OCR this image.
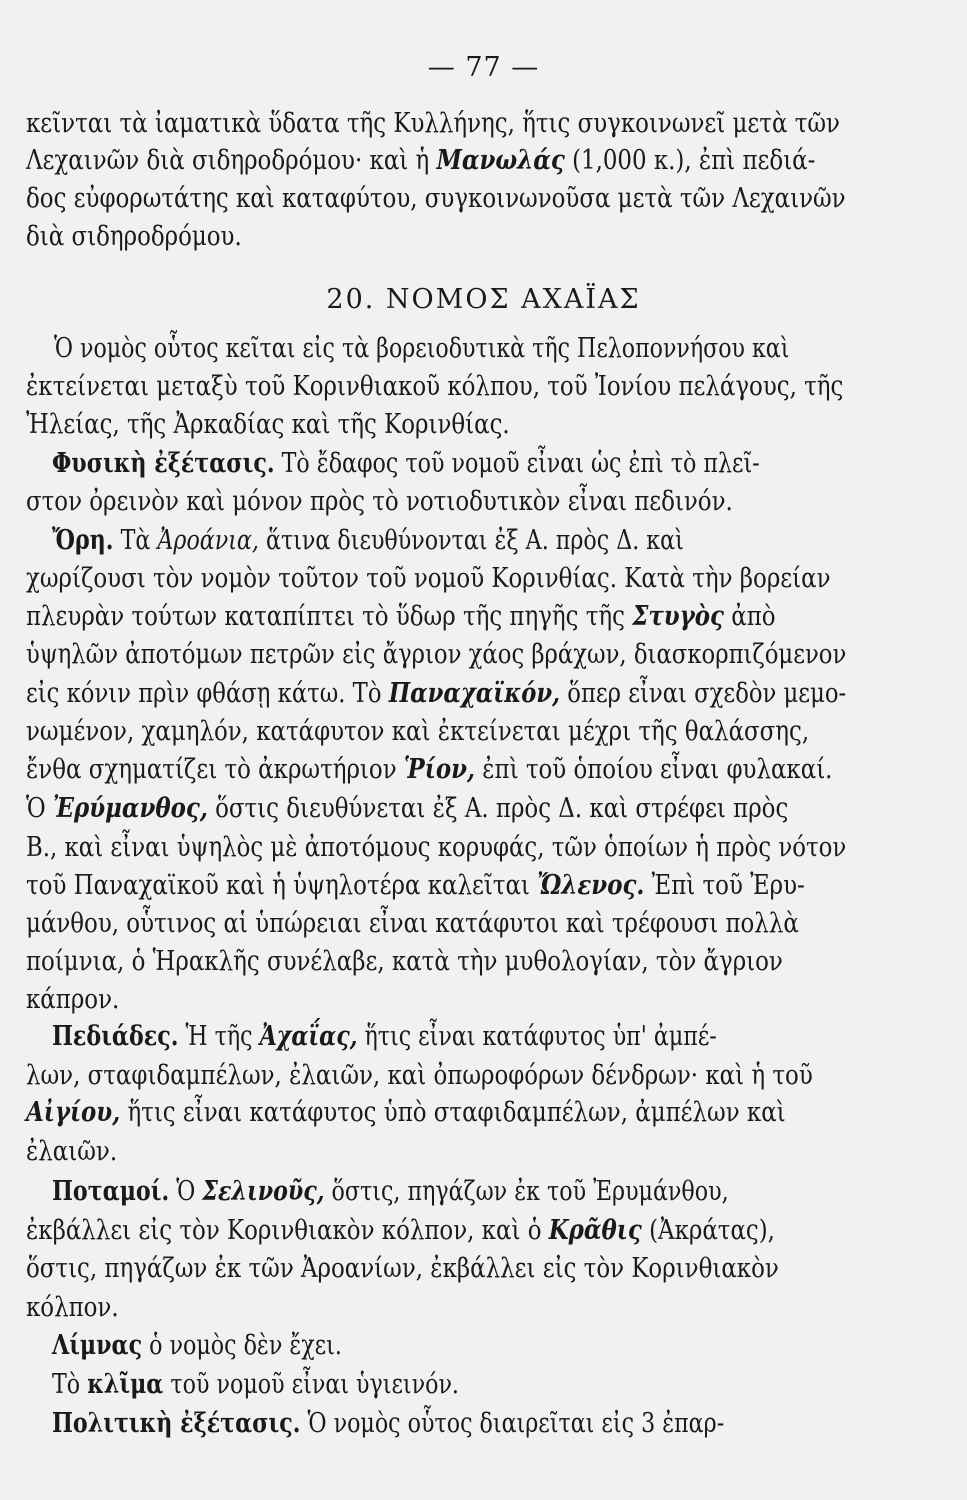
— 77 —
20. ΝΟΜΟΣ ΑΧΑΪΑΣ
κεῖνται τὰ ἰαματικὰ ὕδατα τῆς Κυλλήνης, ἥτις συγκοινωνεῖ μετὰ τῶν
Λεχαινῶν διὰ σιδηροδρόμου· καὶ ἡ Μανωλάς (1,000 κ.), ἐπὶ πεδιά-
δος εὐφορωτάτης καὶ καταφύτου, συγκοινωνοῦσα μετὰ τῶν Λεχαινῶν
διὰ σιδηροδρόμου.
Ὁ νομὸς οὗτος κεῖται εἰς τὰ βορειοδυτικὰ τῆς Πελοποννήσου καὶ
ἐκτείνεται μεταξὺ τοῦ Κορινθιακοῦ κόλπου, τοῦ Ἰονίου πελάγους, τῆς
Ἠλείας, τῆς Ἀρκαδίας καὶ τῆς Κορινθίας.
Φυσικὴ ἐξέτασις. Τὸ ἔδαφος τοῦ νομοῦ εἶναι ὡς ἐπὶ τὸ πλεῖ-
στον ὀρεινὸν καὶ μόνον πρὸς τὸ νοτιοδυτικὸν εἶναι πεδινόν.
Ὄρη. Τὰ Ἀροάνια, ἅτινα διευθύνονται ἐξ Α. πρὸς Δ. καὶ
χωρίζουσι τὸν νομὸν τοῦτον τοῦ νομοῦ Κορινθίας. Κατὰ τὴν βορείαν
πλευρὰν τούτων καταπίπτει τὸ ὕδωρ τῆς πηγῆς τῆς Στυγὸς ἀπὸ
ὑψηλῶν ἀποτόμων πετρῶν εἰς ἄγριον χάος βράχων, διασκορπιζόμενον
εἰς κόνιν πρὶν φθάσῃ κάτω. Τὸ Παναχαϊκόν, ὅπερ εἶναι σχεδὸν μεμο-
νωμένον, χαμηλόν, κατάφυτον καὶ ἐκτείνεται μέχρι τῆς θαλάσσης,
ἔνθα σχηματίζει τὸ ἀκρωτήριον Ῥίον, ἐπὶ τοῦ ὁποίου εἶναι φυλακαί.
Ὁ Ἐρύμανθος, ὅστις διευθύνεται ἐξ Α. πρὸς Δ. καὶ στρέφει πρὸς
Β., καὶ εἶναι ὑψηλὸς μὲ ἀποτόμους κορυφάς, τῶν ὁποίων ἡ πρὸς νότον
τοῦ Παναχαϊκοῦ καὶ ἡ ὑψηλοτέρα καλεῖται Ὤλενος. Ἐπὶ τοῦ Ἐρυ-
μάνθου, οὗτινος αἱ ὑπώρειαι εἶναι κατάφυτοι καὶ τρέφουσι πολλὰ
ποίμνια, ὁ Ἡρακλῆς συνέλαβε, κατὰ τὴν μυθολογίαν, τὸν ἄγριον
κάπρον.
Πεδιάδες. Ἡ τῆς Ἀχαΐας, ἥτις εἶναι κατάφυτος ὑπ' ἀμπέ-
λων, σταφιδαμπέλων, ἐλαιῶν, καὶ ὀπωροφόρων δένδρων· καὶ ἡ τοῦ
Αἰγίου, ἥτις εἶναι κατάφυτος ὑπὸ σταφιδαμπέλων, ἀμπέλων καὶ
ἐλαιῶν.
Ποταμοί. Ὁ Σελινοῦς, ὅστις, πηγάζων ἐκ τοῦ Ἐρυμάνθου,
ἐκβάλλει εἰς τὸν Κορινθιακὸν κόλπον, καὶ ὁ Κρᾶθις (Ἀκράτας),
ὅστις, πηγάζων ἐκ τῶν Ἀροανίων, ἐκβάλλει εἰς τὸν Κορινθιακὸν
κόλπον.
Λίμνας ὁ νομὸς δὲν ἔχει.
Τὸ κλῖμα τοῦ νομοῦ εἶναι ὑγιεινόν.
Πολιτικὴ ἐξέτασις. Ὁ νομὸς οὗτος διαιρεῖται εἰς 3 ἐπαρ-
